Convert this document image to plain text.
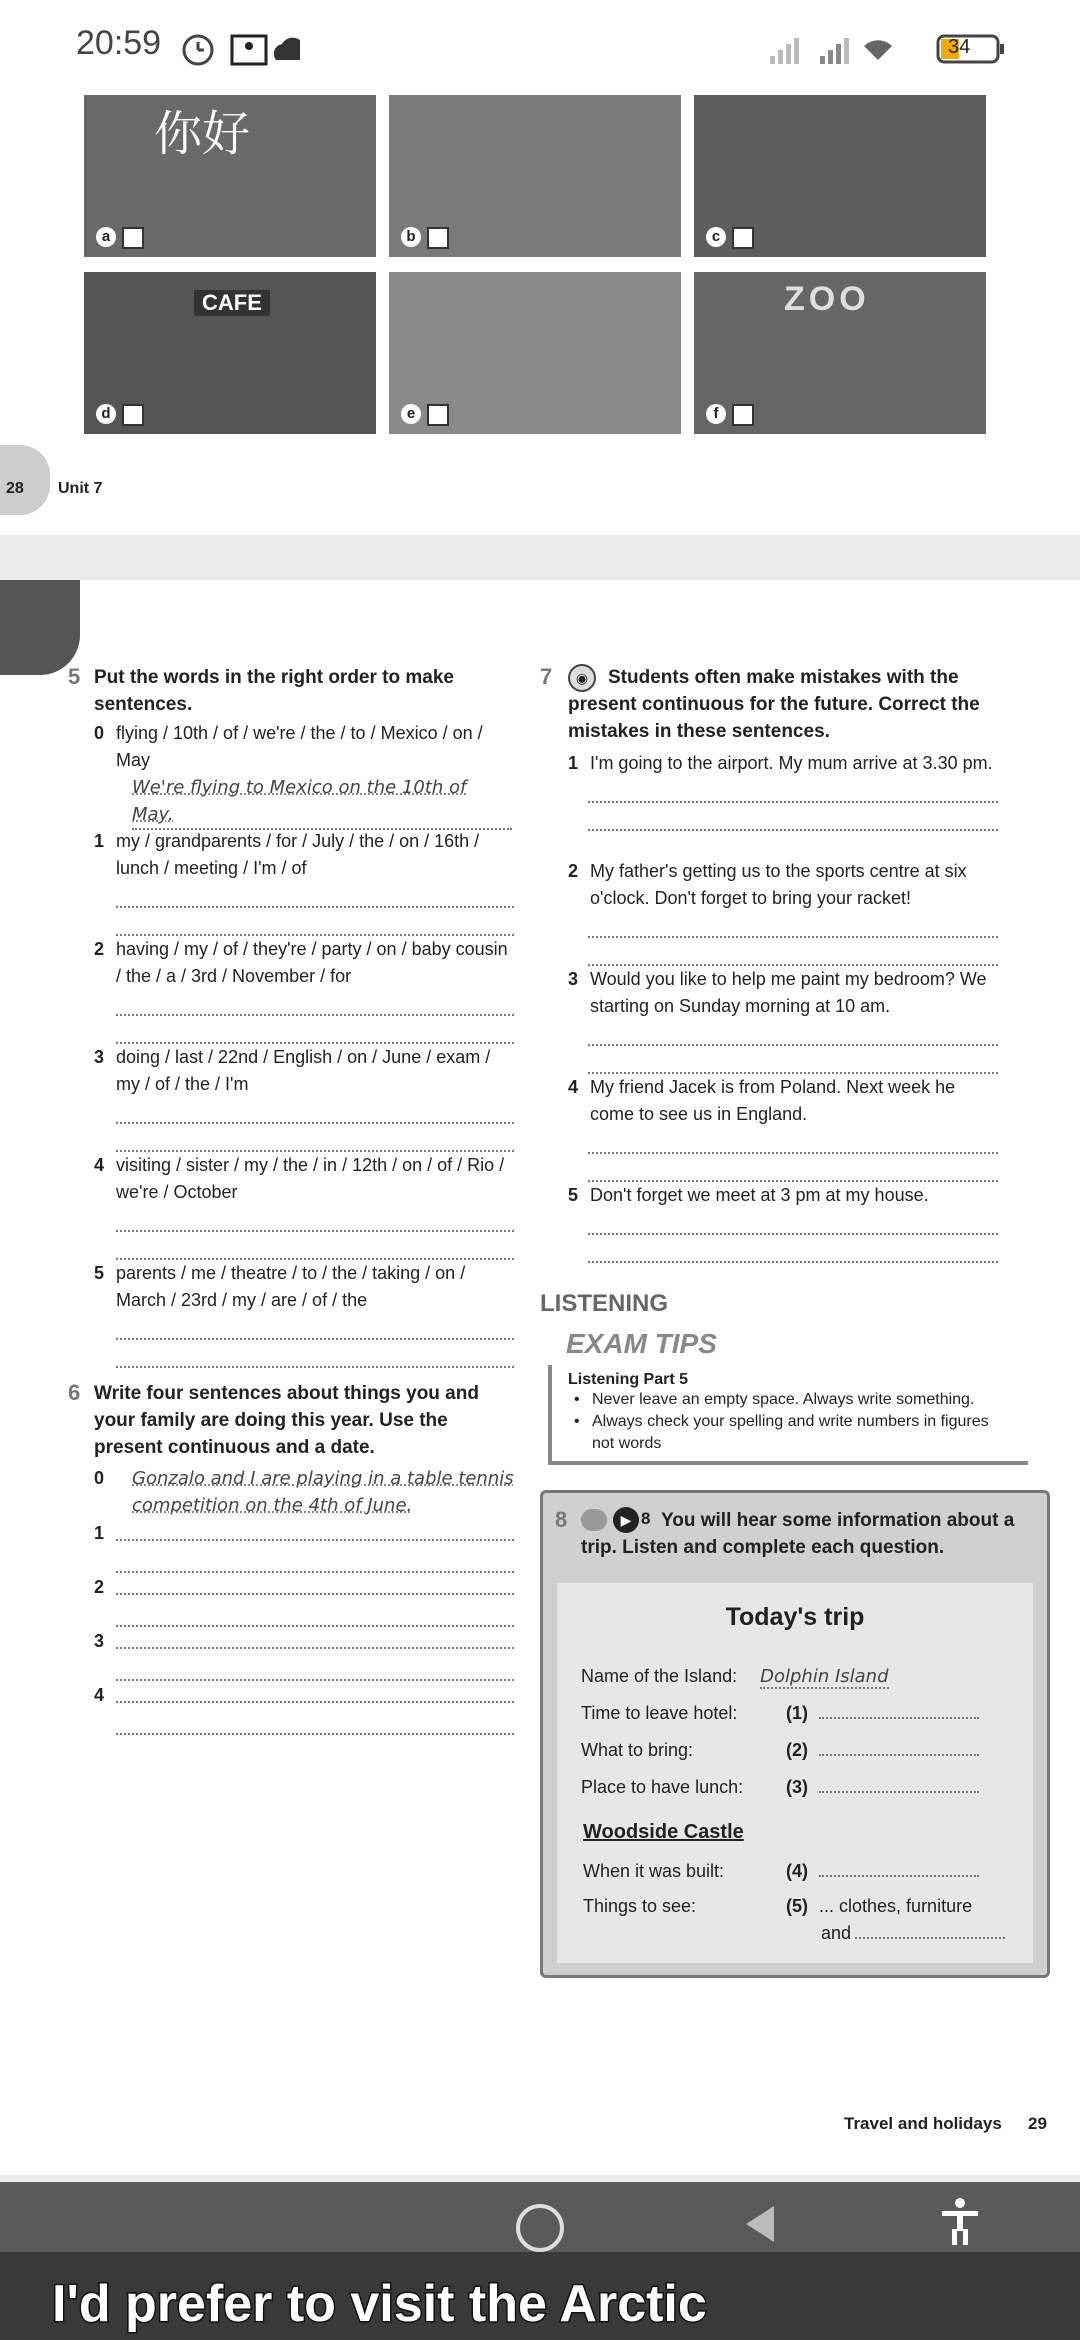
20:59	34
你好
a	b	c
CAFE
d	e
ZOO
f
28 Unit 7
5 Put the words in the right order to make sentences.
0 flying / 10th / of / we're / the / to / Mexico / on / May
We're flying to Mexico on the 10th of May.
1 my / grandparents / for / July / the / on / 16th / lunch / meeting / I'm / of
2 having / my / of / they're / party / on / baby cousin / the / a / 3rd / November / for
3 doing / last / 22nd / English / on / June / exam / my / of / the / I'm
4 visiting / sister / my / the / in / 12th / on / of / Rio / we're / October
5 parents / me / theatre / to / the / taking / on / March / 23rd / my / are / of / the
6 Write four sentences about things you and your family are doing this year. Use the present continuous and a date.
0	Gonzalo and I are playing in a table tennis competition on the 4th of June.
1
2
3
4
7	◉	Students often make mistakes with the present continuous for the future. Correct the mistakes in these sentences.
1 I'm going to the airport. My mum arrive at 3.30 pm.
2 My father's getting us to the sports centre at six o'clock. Don't forget to bring your racket!
3 Would you like to help me paint my bedroom? We starting on Sunday morning at 10 am.
4 My friend Jacek is from Poland. Next week he come to see us in England.
5 Don't forget we meet at 3 pm at my house.
LISTENING
EXAM TIPS
Listening Part 5
• Never leave an empty space. Always write something.
• Always check your spelling and write numbers in figures not words
8	▶ 8 You will hear some information about a trip. Listen and complete each question.
Today's trip
Name of the Island: Dolphin Island
Time to leave hotel:	(1)
What to bring:	(2)
Place to have lunch: (3)
Woodside Castle
When it was built:	(4)
Things to see:	(5) ... clothes, furniture
and
Travel and holidays 29
I'd prefer to visit the Arctic
